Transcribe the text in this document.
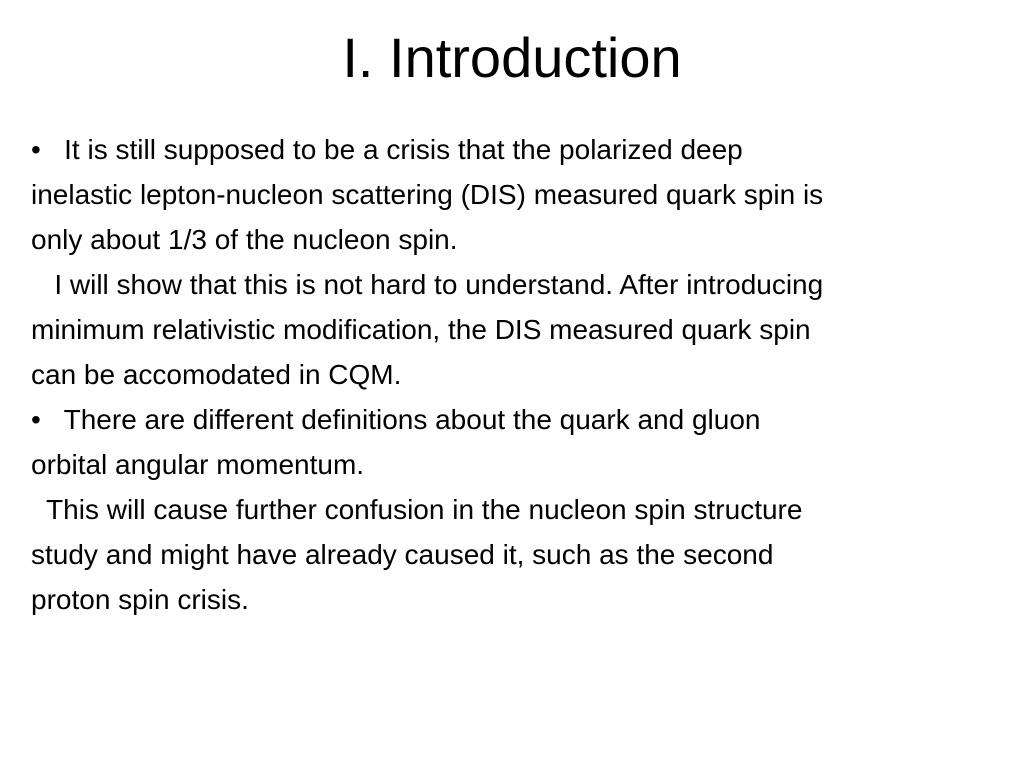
I. Introduction

•   It is still supposed to be a crisis that the polarized deep
inelastic lepton-nucleon scattering (DIS) measured quark spin is
only about 1/3 of the nucleon spin.

I will show that this is not hard to understand. After introducing
minimum relativistic modification, the DIS measured quark spin
can be accomodated in CQM.

•   There are different definitions about the quark and gluon
orbital angular momentum.

This will cause further confusion in the nucleon spin structure
study and might have already caused it, such as the second
proton spin crisis.
